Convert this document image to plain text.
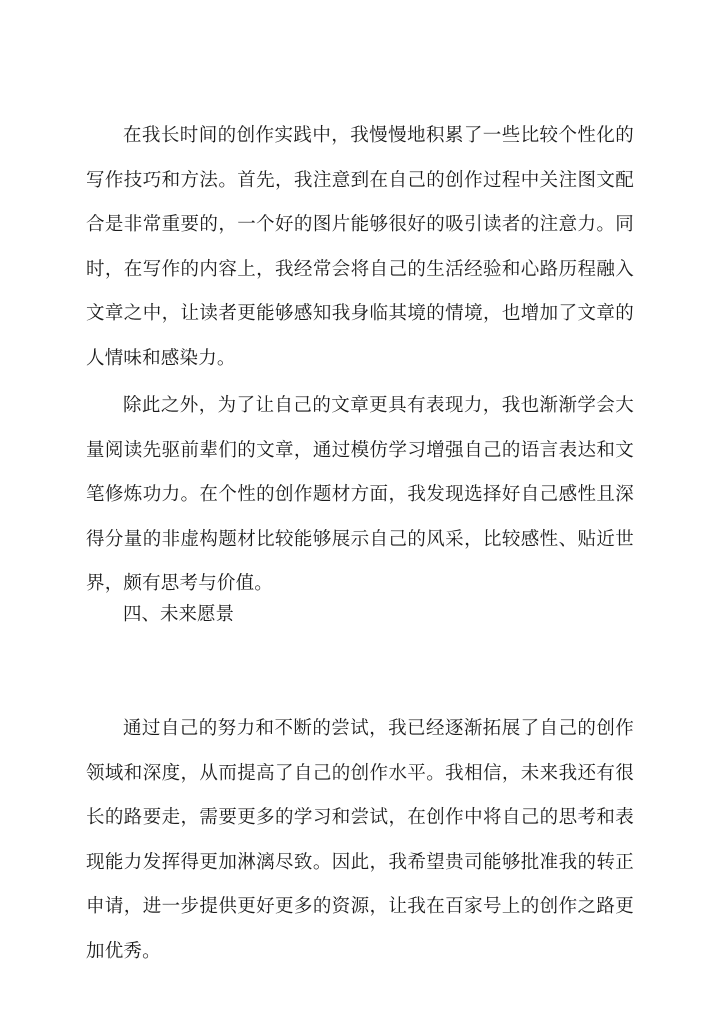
在我长时间的创作实践中，我慢慢地积累了一些比较个性化的写作技巧和方法。首先，我注意到在自己的创作过程中关注图文配合是非常重要的，一个好的图片能够很好的吸引读者的注意力。同时，在写作的内容上，我经常会将自己的生活经验和心路历程融入文章之中，让读者更能够感知我身临其境的情境，也增加了文章的人情味和感染力。

除此之外，为了让自己的文章更具有表现力，我也渐渐学会大量阅读先驱前辈们的文章，通过模仿学习增强自己的语言表达和文笔修炼功力。在个性的创作题材方面，我发现选择好自己感性且深得分量的非虚构题材比较能够展示自己的风采，比较感性、贴近世界，颇有思考与价值。

四、未来愿景

通过自己的努力和不断的尝试，我已经逐渐拓展了自己的创作领域和深度，从而提高了自己的创作水平。我相信，未来我还有很长的路要走，需要更多的学习和尝试，在创作中将自己的思考和表现能力发挥得更加淋漓尽致。因此，我希望贵司能够批准我的转正申请，进一步提供更好更多的资源，让我在百家号上的创作之路更加优秀。
